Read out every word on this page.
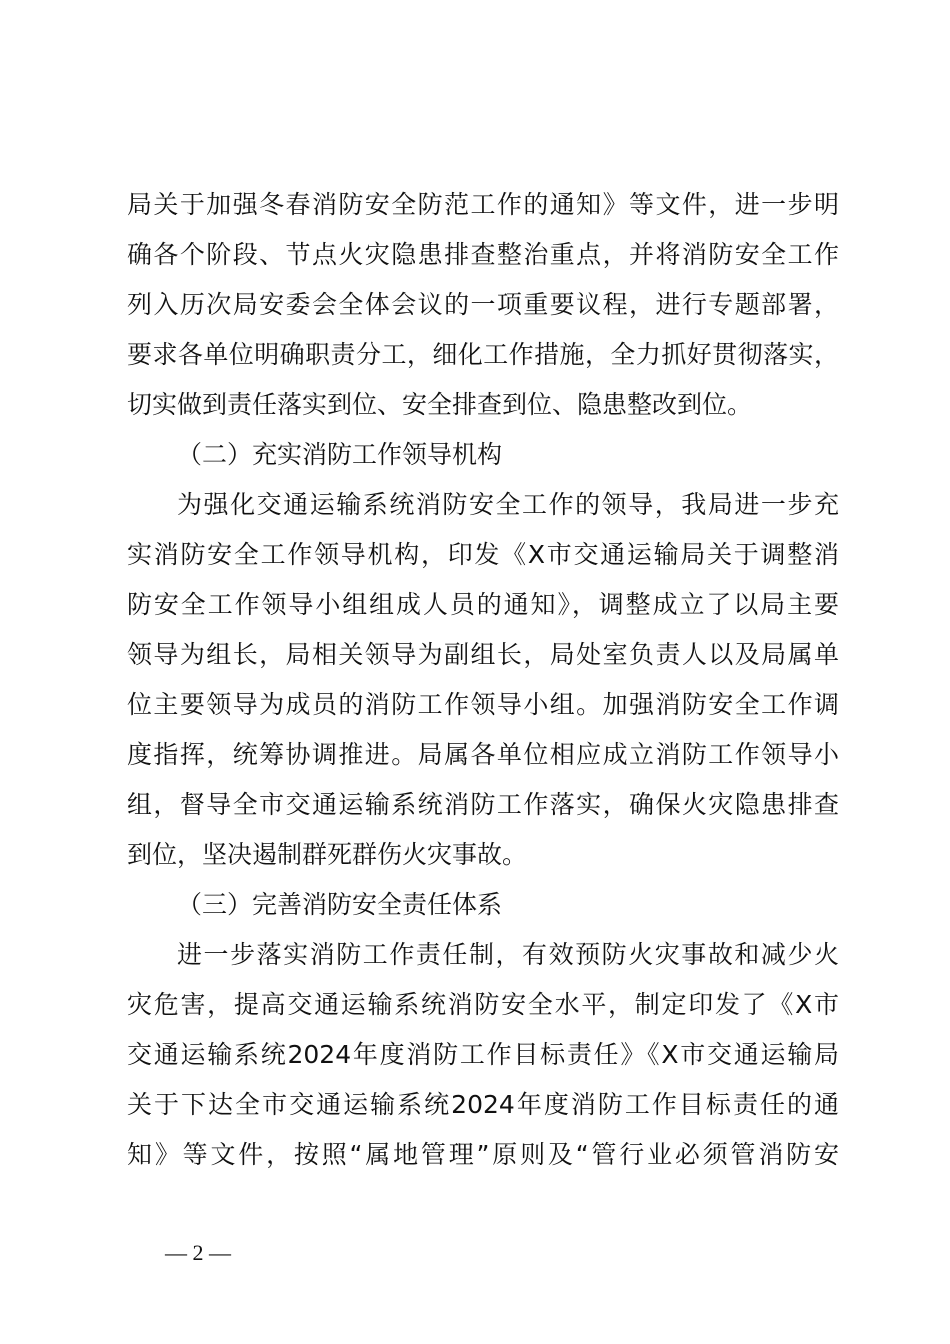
局关于加强冬春消防安全防范工作的通知》等文件，进一步明
确各个阶段、节点火灾隐患排查整治重点，并将消防安全工作
列入历次局安委会全体会议的一项重要议程，进行专题部署，
要求各单位明确职责分工，细化工作措施，全力抓好贯彻落实，
切实做到责任落实到位、安全排查到位、隐患整改到位。
（二）充实消防工作领导机构
为强化交通运输系统消防安全工作的领导，我局进一步充
实消防安全工作领导机构，印发《X市交通运输局关于调整消
防安全工作领导小组组成人员的通知》，调整成立了以局主要
领导为组长，局相关领导为副组长，局处室负责人以及局属单
位主要领导为成员的消防工作领导小组。加强消防安全工作调
度指挥，统筹协调推进。局属各单位相应成立消防工作领导小
组，督导全市交通运输系统消防工作落实，确保火灾隐患排查
到位，坚决遏制群死群伤火灾事故。
（三）完善消防安全责任体系
进一步落实消防工作责任制，有效预防火灾事故和减少火
灾危害，提高交通运输系统消防安全水平，制定印发了《X市
交通运输系统2024年度消防工作目标责任》《X市交通运输局
关于下达全市交通运输系统2024年度消防工作目标责任的通
知》等文件，按照“属地管理”原则及“管行业必须管消防安
— 2 —
